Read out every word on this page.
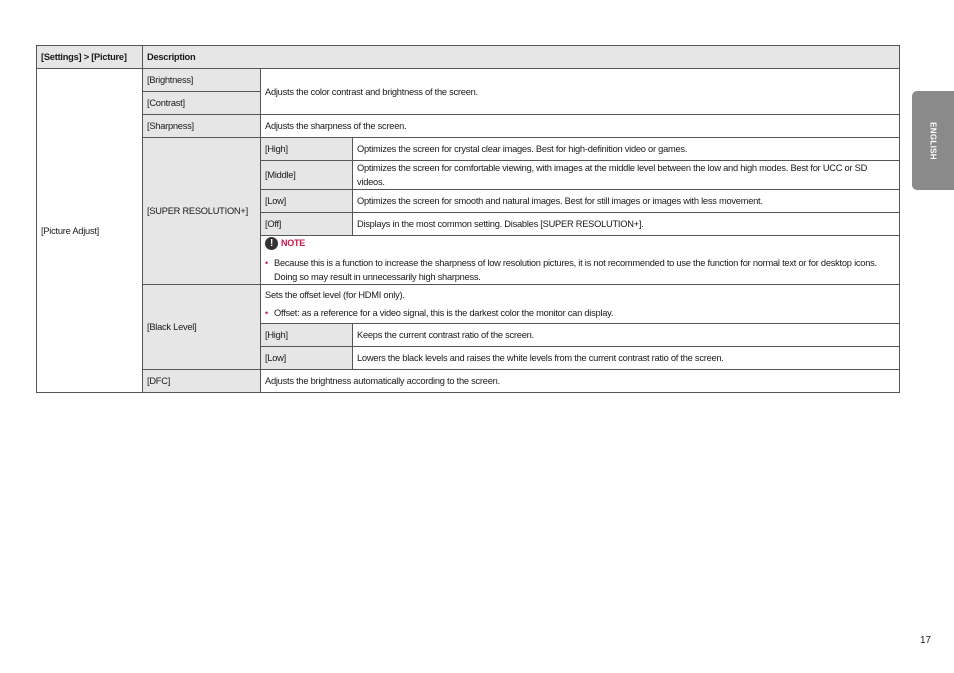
[Settings] > [Picture]	Description		
[Picture Adjust]	[Brightness]	Adjusts the color contrast and brightness of the screen.	
	[Contrast]		
	[Sharpness]	Adjusts the sharpness of the screen.	
	[SUPER RESOLUTION+]	[High]	Optimizes the screen for crystal clear images. Best for high-definition video or games.
		[Middle]	Optimizes the screen for comfortable viewing, with images at the middle level between the low and high modes. Best for UCC or SD videos.
		[Low]	Optimizes the screen for smooth and natural images. Best for still images or images with less movement.
		[Off]	Displays in the most common setting. Disables [SUPER RESOLUTION+].

		! NOTE
• Because this is a function to increase the sharpness of low resolution pictures, it is not recommended to use the function for normal text or for desktop icons. Doing so may result in unnecessarily high sharpness.	

	[Black Level]	Sets the offset level (for HDMI only).
• Offset: as a reference for a video signal, this is the darkest color the monitor can display.	

		[High]	Keeps the current contrast ratio of the screen.
		[Low]	Lowers the black levels and raises the white levels from the current contrast ratio of the screen.
	[DFC]	Adjusts the brightness automatically according to the screen.	
ENGLISH
17
